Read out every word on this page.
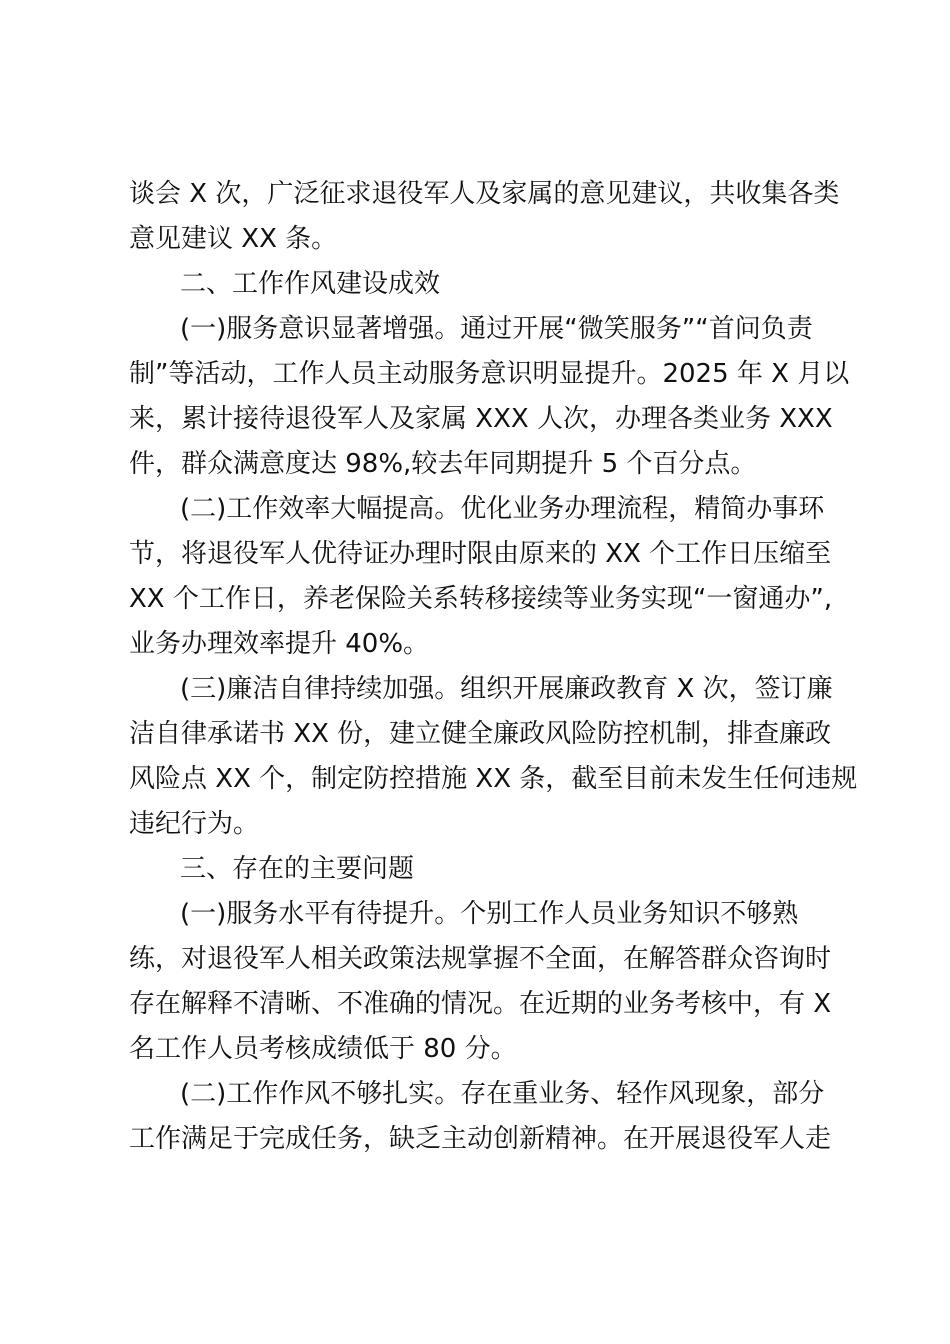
谈会 X 次，广泛征求退役军人及家属的意见建议，共收集各类
意见建议 XX 条。
二、工作作风建设成效
(一)服务意识显著增强。通过开展“微笑服务”“首问负责
制”等活动，工作人员主动服务意识明显提升。2025 年 X 月以
来，累计接待退役军人及家属 XXX 人次，办理各类业务 XXX
件，群众满意度达 98%,较去年同期提升 5 个百分点。
(二)工作效率大幅提高。优化业务办理流程，精简办事环
节，将退役军人优待证办理时限由原来的 XX 个工作日压缩至
XX 个工作日，养老保险关系转移接续等业务实现“一窗通办”,
业务办理效率提升 40%。
(三)廉洁自律持续加强。组织开展廉政教育 X 次，签订廉
洁自律承诺书 XX 份，建立健全廉政风险防控机制，排查廉政
风险点 XX 个，制定防控措施 XX 条，截至目前未发生任何违规
违纪行为。
三、存在的主要问题
(一)服务水平有待提升。个别工作人员业务知识不够熟
练，对退役军人相关政策法规掌握不全面，在解答群众咨询时
存在解释不清晰、不准确的情况。在近期的业务考核中，有 X
名工作人员考核成绩低于 80 分。
(二)工作作风不够扎实。存在重业务、轻作风现象，部分
工作满足于完成任务，缺乏主动创新精神。在开展退役军人走
